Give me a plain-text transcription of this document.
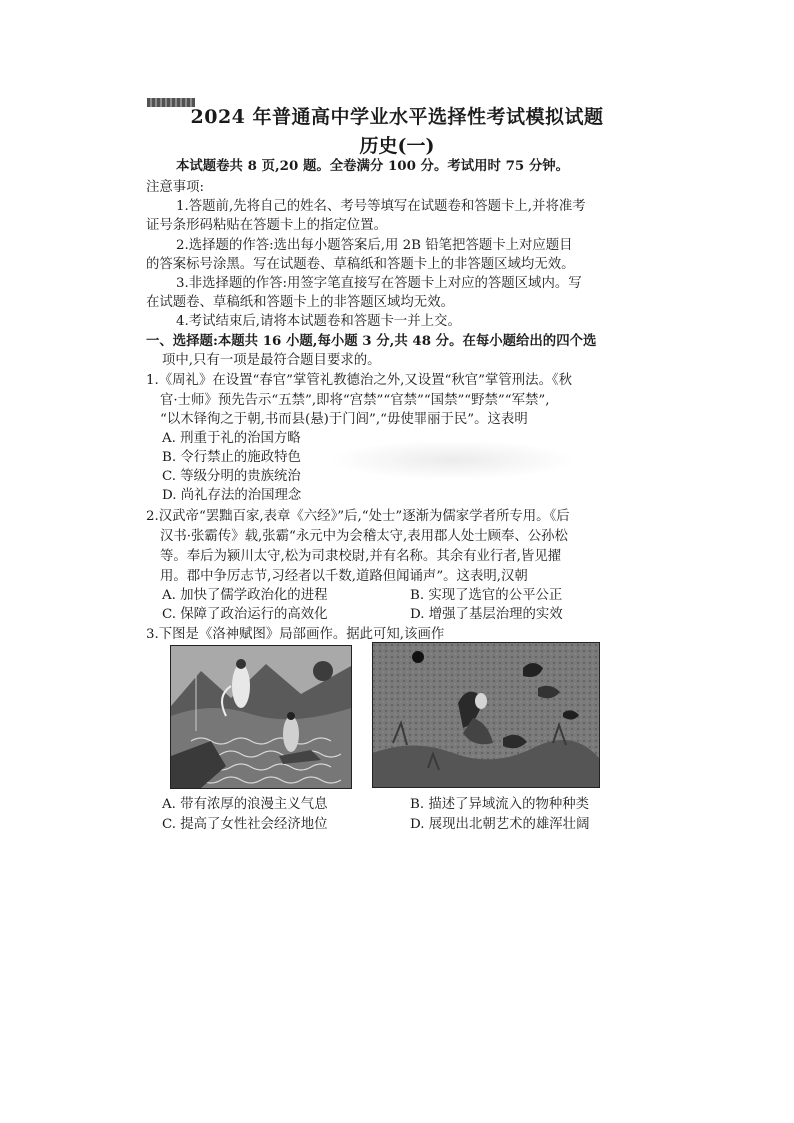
2024 年普通高中学业水平选择性考试模拟试题
历史(一)
本试题卷共 8 页,20 题。全卷满分 100 分。考试用时 75 分钟。
注意事项:
1.答题前,先将自己的姓名、考号等填写在试题卷和答题卡上,并将准考
证号条形码粘贴在答题卡上的指定位置。
2.选择题的作答:选出每小题答案后,用 2B 铅笔把答题卡上对应题目
的答案标号涂黑。写在试题卷、草稿纸和答题卡上的非答题区域均无效。
3.非选择题的作答:用签字笔直接写在答题卡上对应的答题区域内。写
在试题卷、草稿纸和答题卡上的非答题区域均无效。
4.考试结束后,请将本试题卷和答题卡一并上交。
一、选择题:本题共 16 小题,每小题 3 分,共 48 分。在每小题给出的四个选
项中,只有一项是最符合题目要求的。
1.《周礼》在设置“春官”掌管礼教德治之外,又设置“秋官”掌管刑法。《秋
官·士师》预先告示“五禁”,即将“宫禁”“官禁”“国禁”“野禁”“军禁”,
“以木铎徇之于朝,书而县(悬)于门闾”,“毋使罪丽于民”。这表明
A. 刑重于礼的治国方略
B. 令行禁止的施政特色
C. 等级分明的贵族统治
D. 尚礼存法的治国理念
2.汉武帝“罢黜百家,表章《六经》”后,“处士”逐渐为儒家学者所专用。《后
汉书·张霸传》载,张霸“永元中为会稽太守,表用郡人处士顾奉、公孙松
等。奉后为颍川太守,松为司隶校尉,并有名称。其余有业行者,皆见擢
用。郡中争厉志节,习经者以千数,道路但闻诵声”。这表明,汉朝
A. 加快了儒学政治化的进程	B. 实现了选官的公平公正
C. 保障了政治运行的高效化	D. 增强了基层治理的实效
3.下图是《洛神赋图》局部画作。据此可知,该画作
A. 带有浓厚的浪漫主义气息	B. 描述了异域流入的物种种类
C. 提高了女性社会经济地位	D. 展现出北朝艺术的雄浑壮阔
